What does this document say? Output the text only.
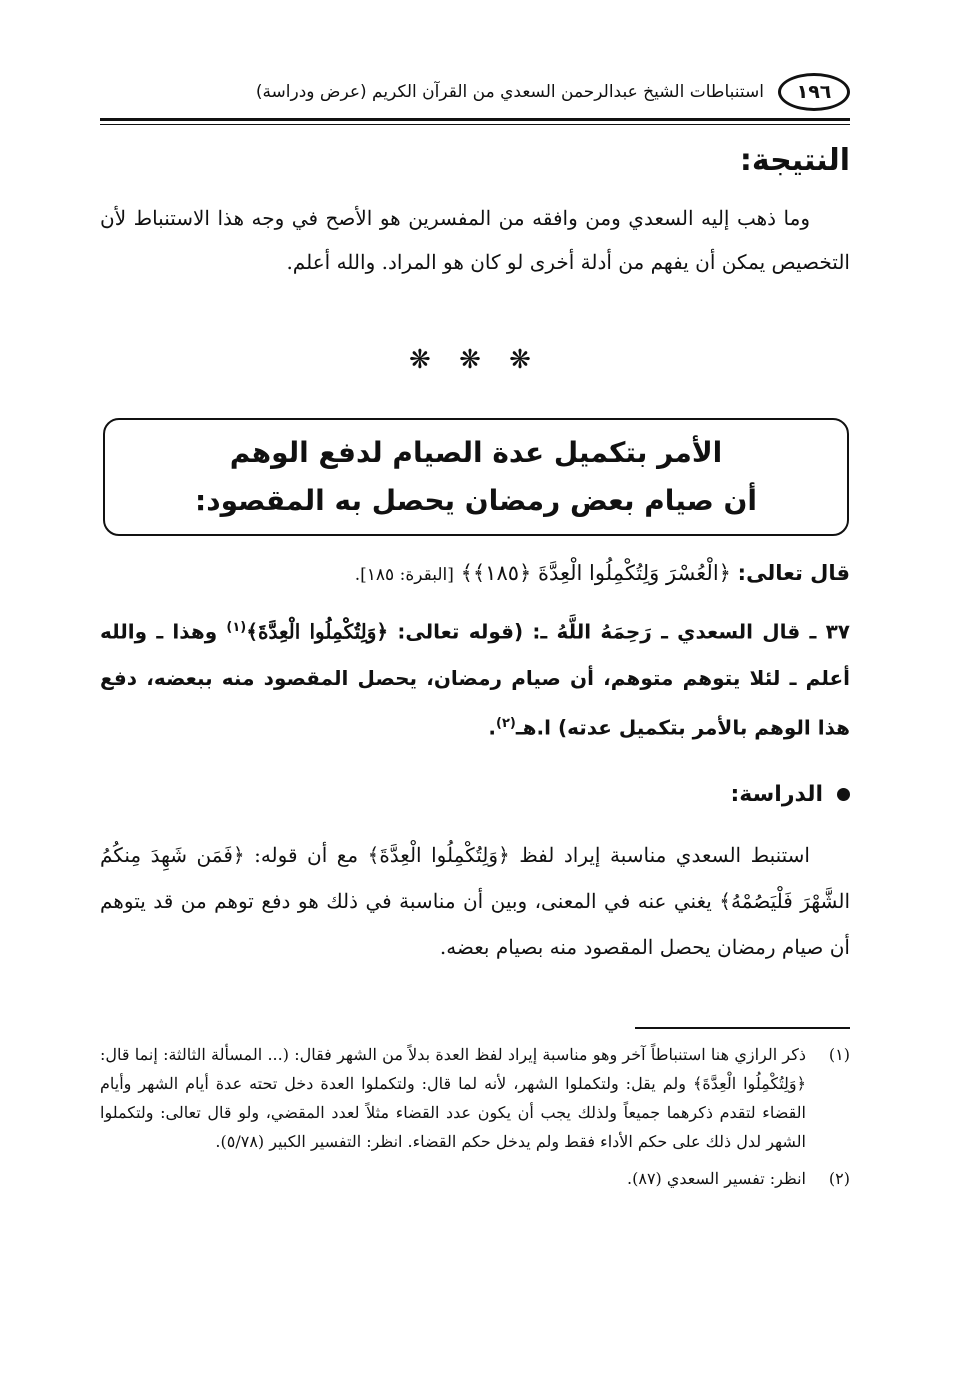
١٩٦
استنباطات الشيخ عبدالرحمن السعدي من القرآن الكريم (عرض ودراسة)
النتيجة:

وما ذهب إليه السعدي ومن وافقه من المفسرين هو الأصح في وجه هذا الاستنباط لأن التخصيص يمكن أن يفهم من أدلة أخرى لو كان هو المراد. والله أعلم.

❋ ❋ ❋
الأمر بتكميل عدة الصيام لدفع الوهم
أن صيام بعض رمضان يحصل به المقصود:
قال تعالى: ﴿الْعُسْرَ وَلِتُكْمِلُوا الْعِدَّةَ ﴿١٨٥﴾﴾ [البقرة: ١٨٥].

٣٧ ـ قال السعدي ـ رَحِمَهُ اللَّهُ ـ: (قوله تعالى: ﴿وَلِتُكْمِلُوا الْعِدَّةَ﴾$^{(١)}$ وهذا ـ والله أعلم ـ لئلا يتوهم متوهم، أن صيام رمضان، يحصل المقصود منه ببعضه، دفع هذا الوهم بالأمر بتكميل عدته) ا.هـ$^{(٢)}$.

الدراسة:

استنبط السعدي مناسبة إيراد لفظ ﴿وَلِتُكْمِلُوا الْعِدَّةَ﴾ مع أن قوله: ﴿فَمَن شَهِدَ مِنكُمُ الشَّهْرَ فَلْيَصُمْهُ﴾ يغني عنه في المعنى، وبين أن مناسبة في ذلك هو دفع توهم من قد يتوهم أن صيام رمضان يحصل المقصود منه بصيام بعضه.

(١)
ذكر الرازي هنا استنباطاً آخر وهو مناسبة إيراد لفظ العدة بدلاً من الشهر فقال: (... المسألة الثالثة: إنما قال: ﴿وَلِتُكْمِلُوا الْعِدَّةَ﴾ ولم يقل: ولتكملوا الشهر، لأنه لما قال: ولتكملوا العدة دخل تحته عدة أيام الشهر وأيام القضاء لتقدم ذكرهما جميعاً ولذلك يجب أن يكون عدد القضاء مثلاً لعدد المقضي، ولو قال تعالى: ولتكملوا الشهر لدل ذلك على حكم الأداء فقط ولم يدخل حكم القضاء. انظر: التفسير الكبير (٥/٧٨).
(٢)
انظر: تفسير السعدي (٨٧).
